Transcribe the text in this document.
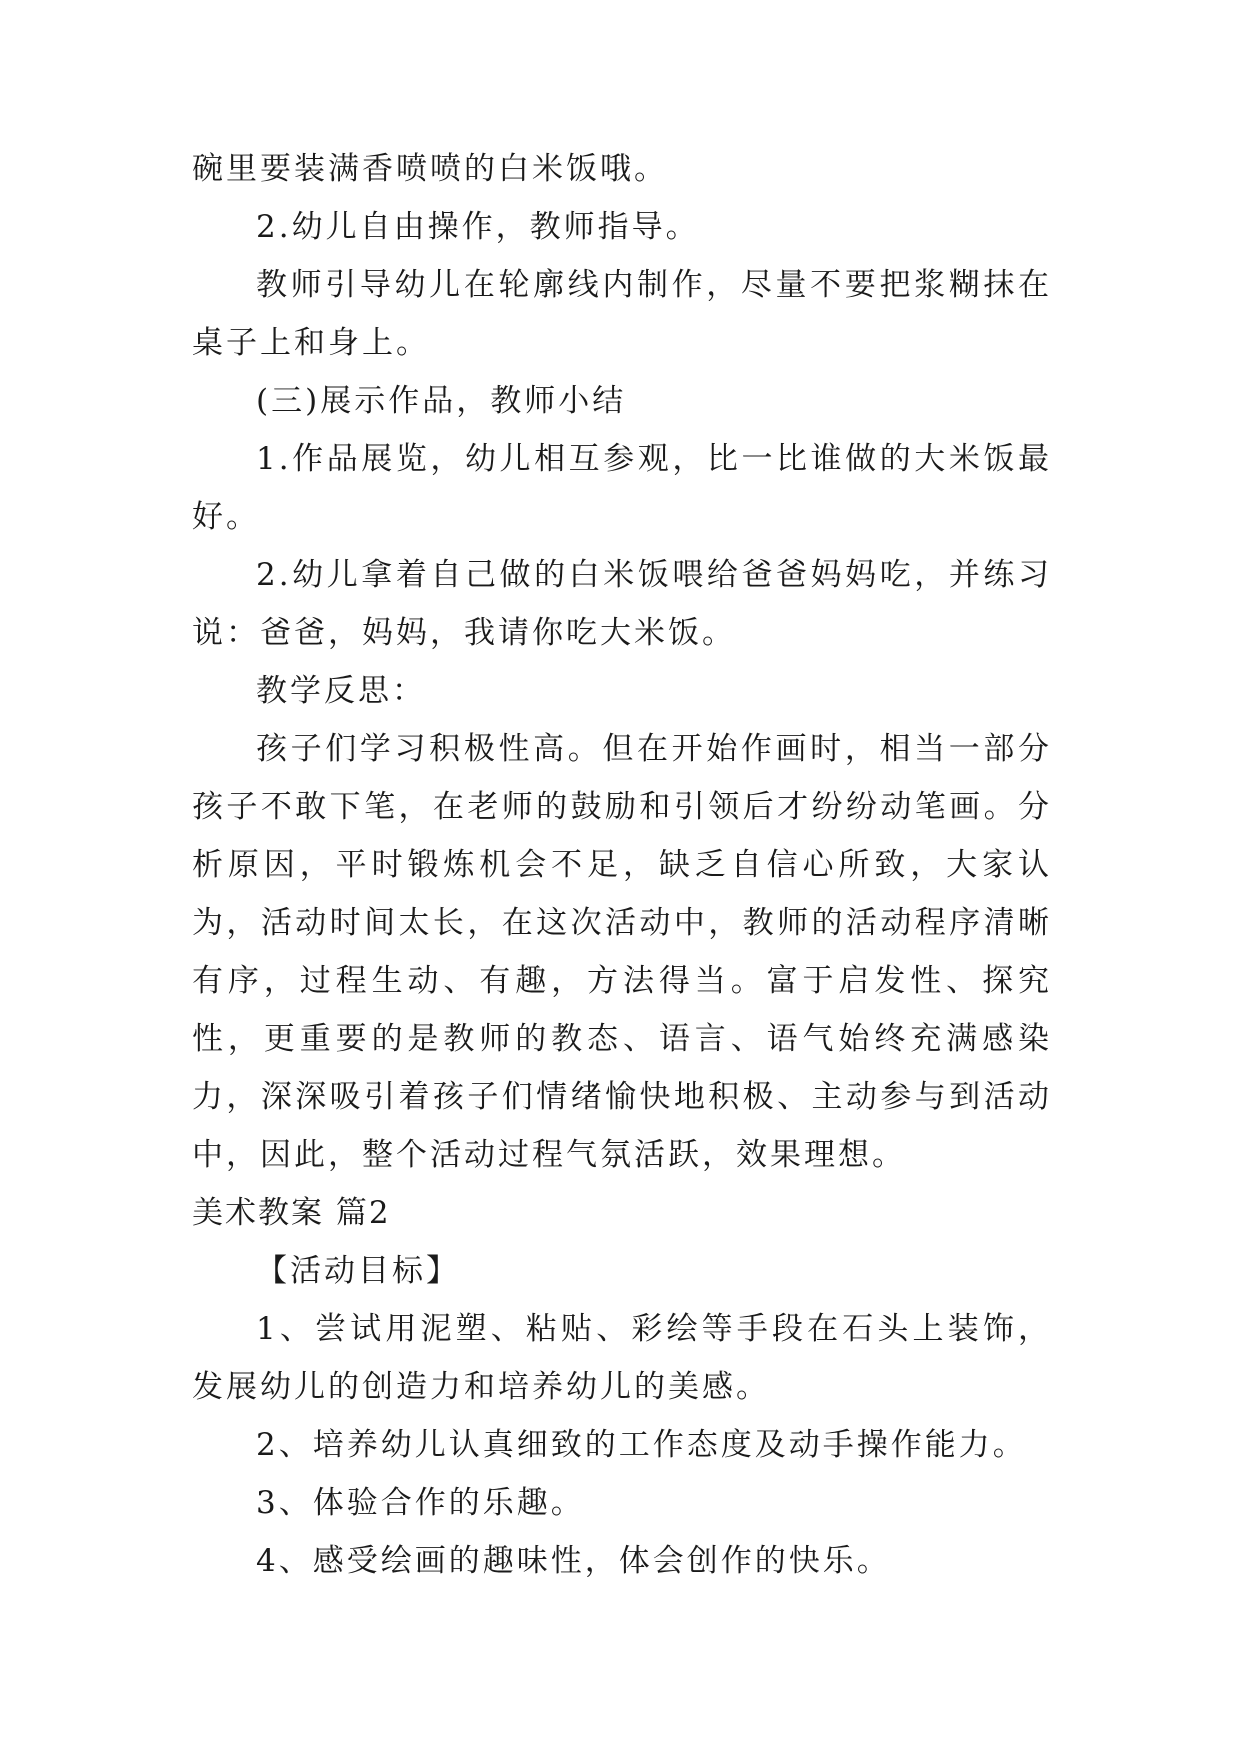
碗里要装满香喷喷的白米饭哦。

2.幼儿自由操作，教师指导。

教师引导幼儿在轮廓线内制作，尽量不要把浆糊抹在桌子上和身上。

(三)展示作品，教师小结

1.作品展览，幼儿相互参观，比一比谁做的大米饭最好。

2.幼儿拿着自己做的白米饭喂给爸爸妈妈吃，并练习说：爸爸，妈妈，我请你吃大米饭。

教学反思：

孩子们学习积极性高。但在开始作画时，相当一部分孩子不敢下笔，在老师的鼓励和引领后才纷纷动笔画。分析原因，平时锻炼机会不足，缺乏自信心所致，大家认为，活动时间太长，在这次活动中，教师的活动程序清晰有序，过程生动、有趣，方法得当。富于启发性、探究性，更重要的是教师的教态、语言、语气始终充满感染力，深深吸引着孩子们情绪愉快地积极、主动参与到活动中，因此，整个活动过程气氛活跃，效果理想。

美术教案 篇2

【活动目标】

1、尝试用泥塑、粘贴、彩绘等手段在石头上装饰，发展幼儿的创造力和培养幼儿的美感。

2、培养幼儿认真细致的工作态度及动手操作能力。

3、体验合作的乐趣。

4、感受绘画的趣味性，体会创作的快乐。
